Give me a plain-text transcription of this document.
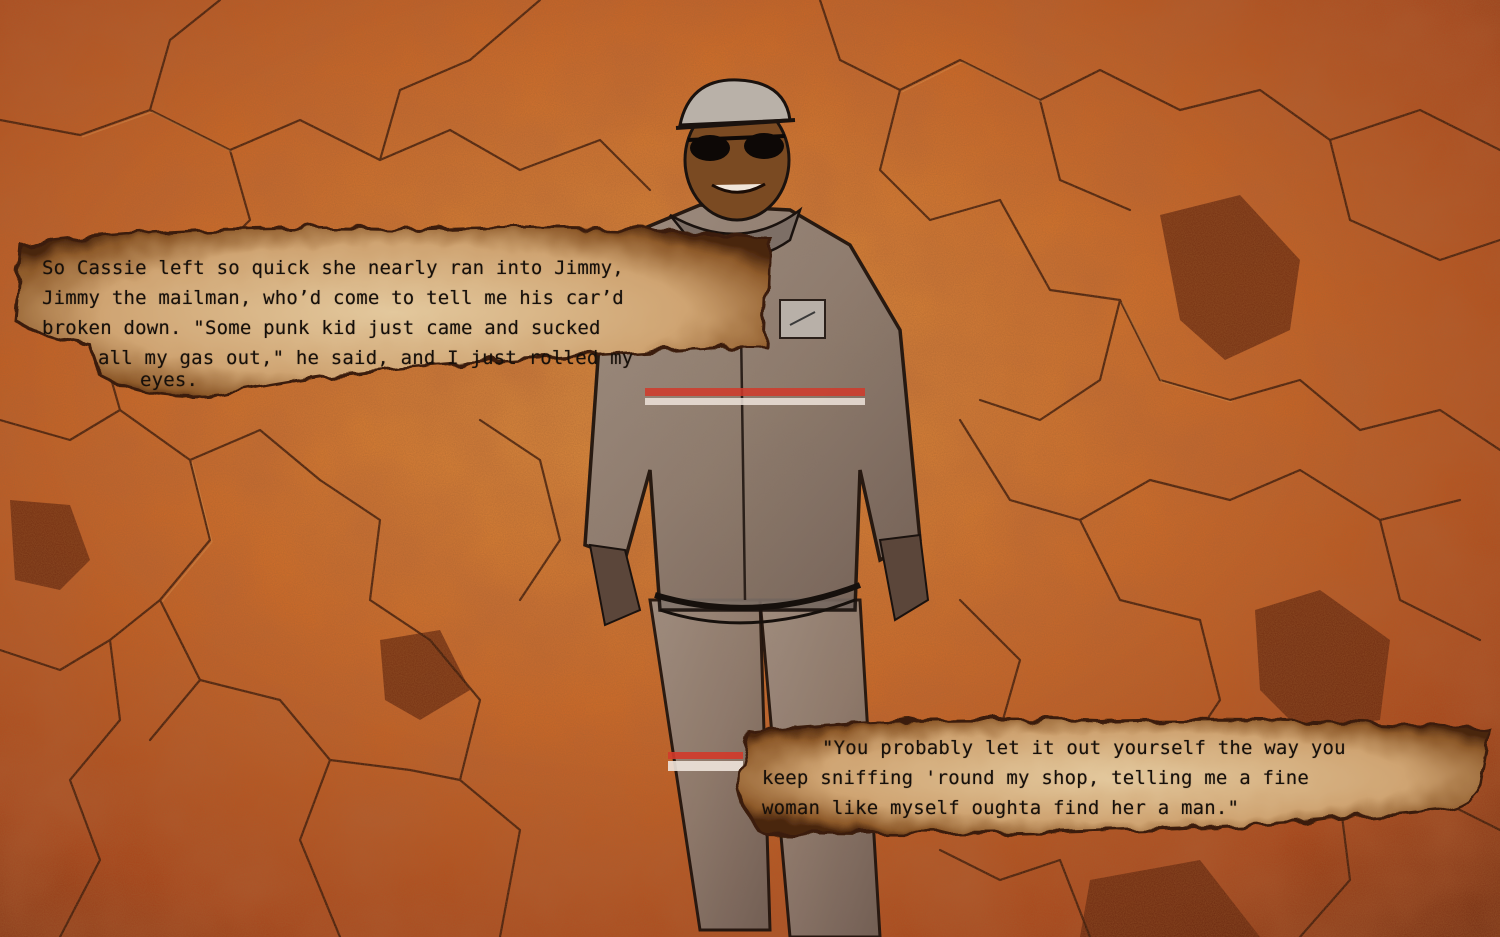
So Cassie left so quick she nearly ran into Jimmy,
Jimmy the mailman, who’d come to tell me his car’d
broken down. "Some punk kid just came and sucked
all my gas out," he said, and I just rolled my
eyes.
"You probably let it out yourself the way you
keep sniffing 'round my shop, telling me a fine
woman like myself oughta find her a man."
